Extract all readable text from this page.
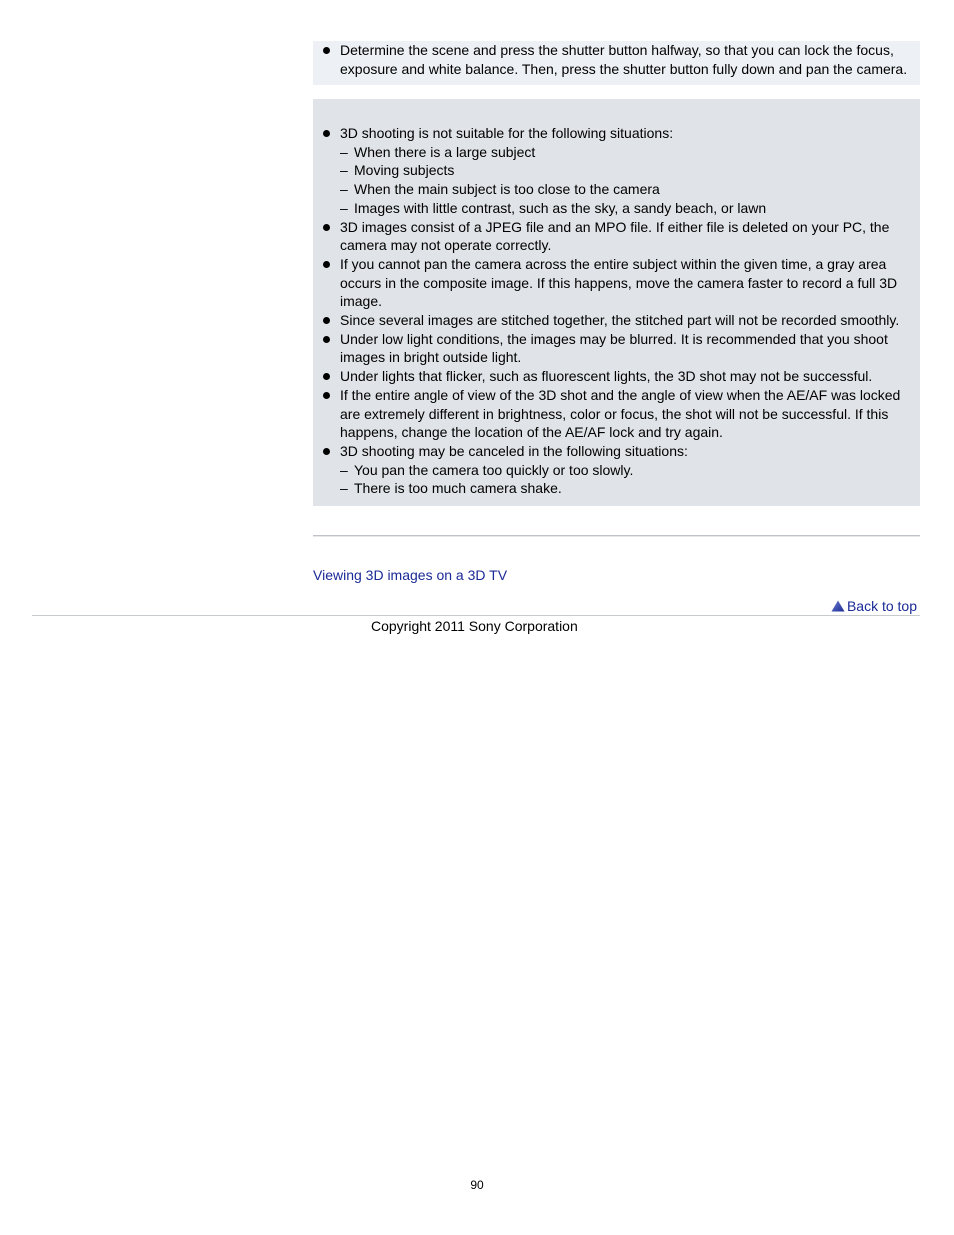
Determine the scene and press the shutter button halfway, so that you can lock the focus, exposure and white balance. Then, press the shutter button fully down and pan the camera.
3D shooting is not suitable for the following situations:
– When there is a large subject
– Moving subjects
– When the main subject is too close to the camera
– Images with little contrast, such as the sky, a sandy beach, or lawn
3D images consist of a JPEG file and an MPO file. If either file is deleted on your PC, the camera may not operate correctly.
If you cannot pan the camera across the entire subject within the given time, a gray area occurs in the composite image. If this happens, move the camera faster to record a full 3D image.
Since several images are stitched together, the stitched part will not be recorded smoothly.
Under low light conditions, the images may be blurred. It is recommended that you shoot images in bright outside light.
Under lights that flicker, such as fluorescent lights, the 3D shot may not be successful.
If the entire angle of view of the 3D shot and the angle of view when the AE/AF was locked are extremely different in brightness, color or focus, the shot will not be successful. If this happens, change the location of the AE/AF lock and try again.
3D shooting may be canceled in the following situations:
– You pan the camera too quickly or too slowly.
– There is too much camera shake.
Viewing 3D images on a 3D TV
Back to top
Copyright 2011 Sony Corporation
90
